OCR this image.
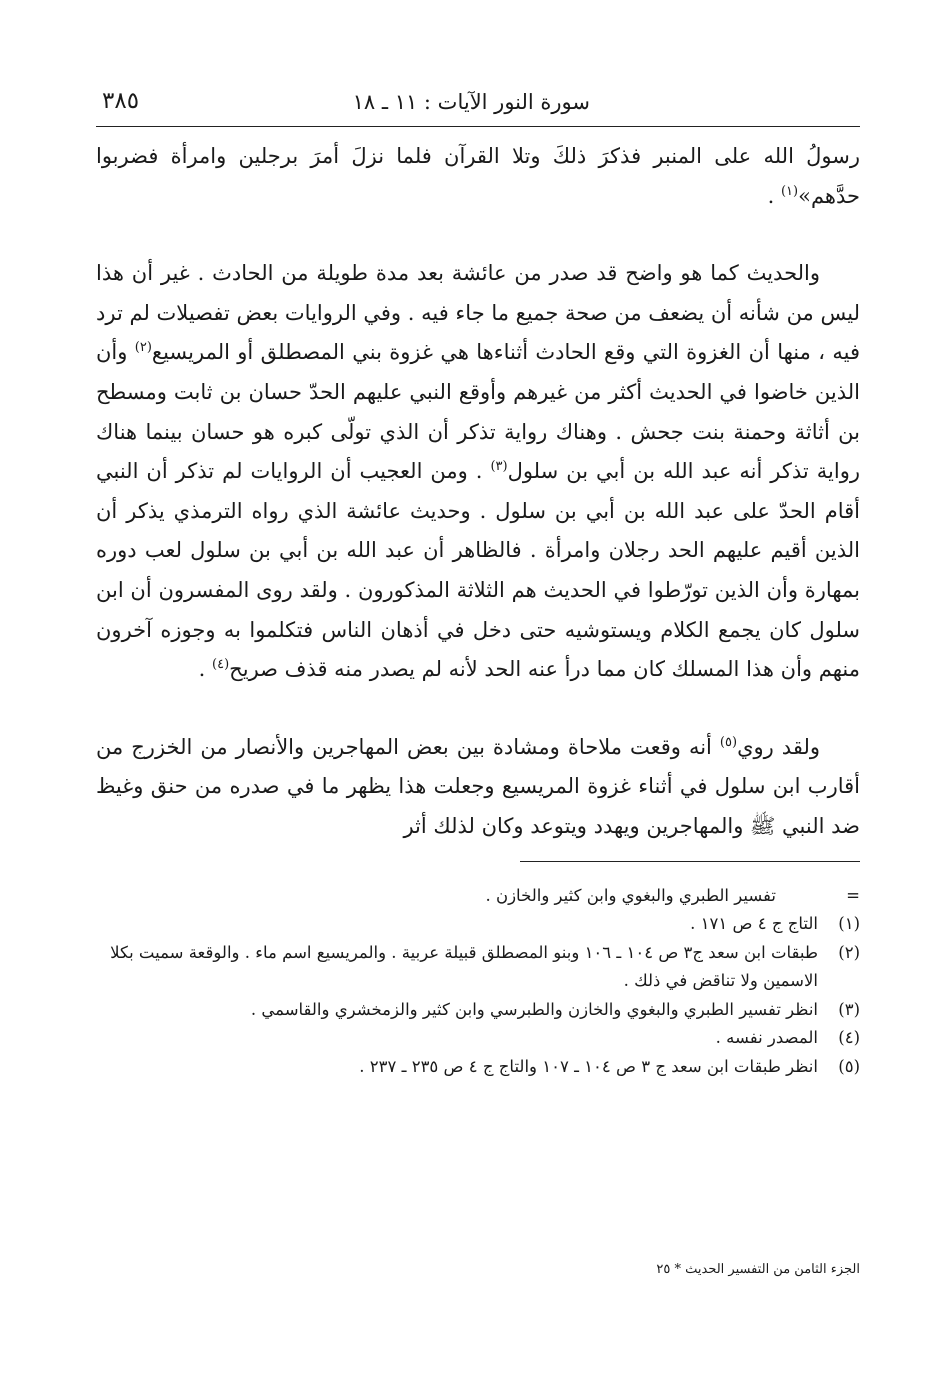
سورة النور الآيات : ١١ ـ ١٨
٣٨٥

رسولُ الله على المنبر فذكرَ ذلكَ وتلا القرآن فلما نزلَ أمرَ برجلين وامرأة فضربوا حدَّهم»$^{(١)}$ .

والحديث كما هو واضح قد صدر من عائشة بعد مدة طويلة من الحادث . غير أن هذا ليس من شأنه أن يضعف من صحة جميع ما جاء فيه . وفي الروايات بعض تفصيلات لم ترد فيه ، منها أن الغزوة التي وقع الحادث أثناءها هي غزوة بني المصطلق أو المريسيع$^{(٢)}$ وأن الذين خاضوا في الحديث أكثر من غيرهم وأوقع النبي عليهم الحدّ حسان بن ثابت ومسطح بن أثاثة وحمنة بنت جحش . وهناك رواية تذكر أن الذي تولّى كبره هو حسان بينما هناك رواية تذكر أنه عبد الله بن أبي بن سلول$^{(٣)}$ . ومن العجيب أن الروايات لم تذكر أن النبي أقام الحدّ على عبد الله بن أبي بن سلول . وحديث عائشة الذي رواه الترمذي يذكر أن الذين أقيم عليهم الحد رجلان وامرأة . فالظاهر أن عبد الله بن أبي بن سلول لعب دوره بمهارة وأن الذين تورّطوا في الحديث هم الثلاثة المذكورون . ولقد روى المفسرون أن ابن سلول كان يجمع الكلام ويستوشيه حتى دخل في أذهان الناس فتكلموا به وجوزه آخرون منهم وأن هذا المسلك كان مما درأ عنه الحد لأنه لم يصدر منه قذف صريح$^{(٤)}$ .

ولقد روي$^{(٥)}$ أنه وقعت ملاحاة ومشادة بين بعض المهاجرين والأنصار من الخزرج من أقارب ابن سلول في أثناء غزوة المريسيع وجعلت هذا يظهر ما في صدره من حنق وغيظ ضد النبي ﷺ والمهاجرين ويهدد ويتوعد وكان لذلك أثر

=
تفسير الطبري والبغوي وابن كثير والخازن .

(١)
التاج ج ٤ ص ١٧١ .

(٢)
طبقات ابن سعد ج٣ ص ١٠٤ ـ ١٠٦ وبنو المصطلق قبيلة عربية . والمريسيع اسم ماء . والوقعة سميت بكلا الاسمين ولا تناقض في ذلك .

(٣)
انظر تفسير الطبري والبغوي والخازن والطبرسي وابن كثير والزمخشري والقاسمي .

(٤)
المصدر نفسه .

(٥)
انظر طبقات ابن سعد ج ٣ ص ١٠٤ ـ ١٠٧ والتاج ج ٤ ص ٢٣٥ ـ ٢٣٧ .

الجزء الثامن من التفسير الحديث * ٢٥
